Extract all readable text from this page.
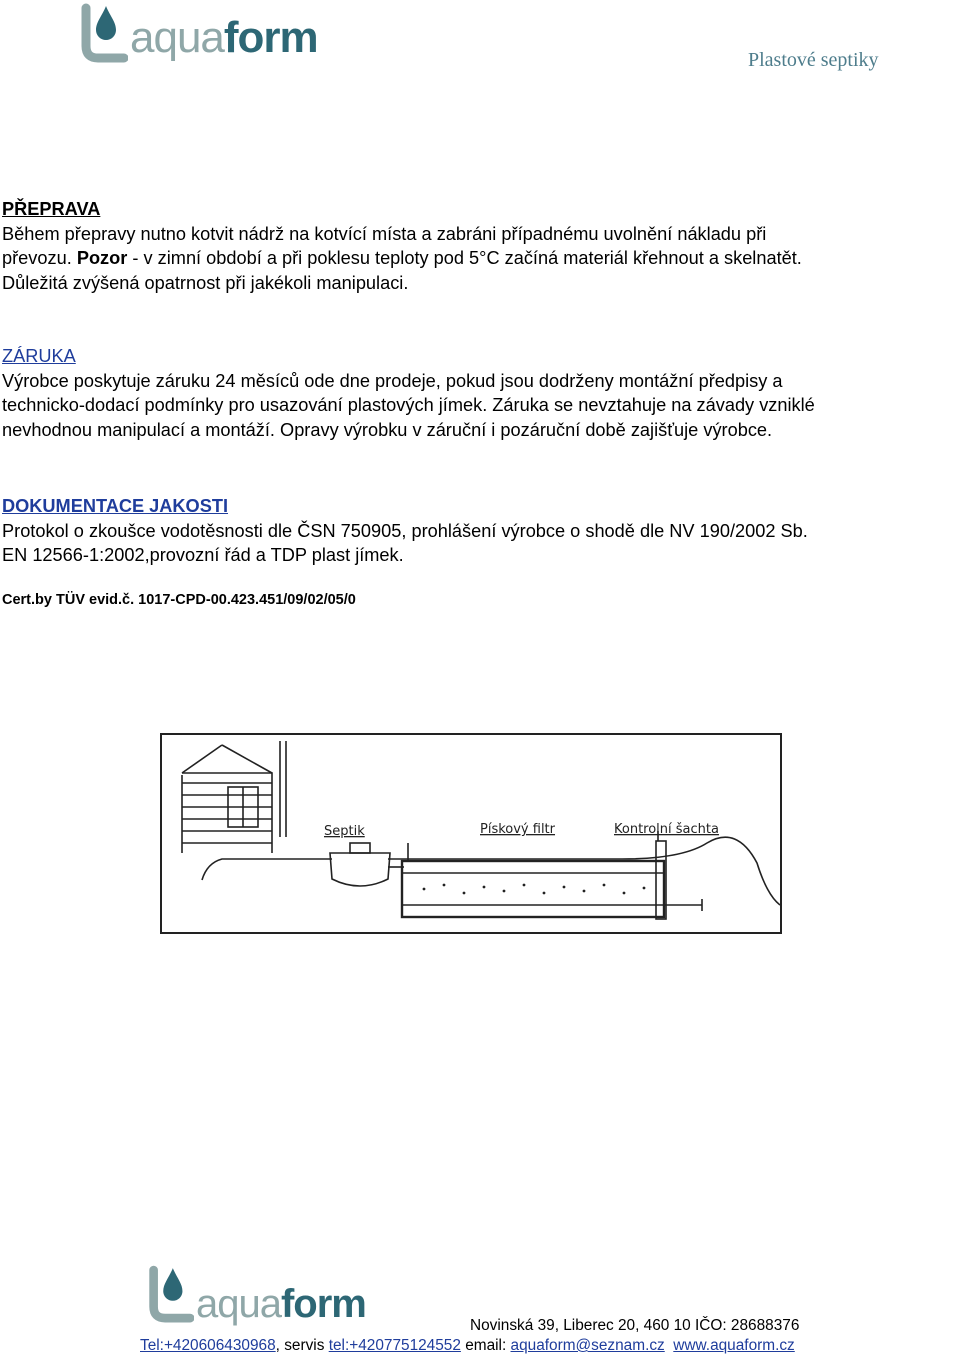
aquaform	Plastové septiky
PŘEPRAVA
Během přepravy nutno kotvit nádrž na kotvící místa a zabráni případnému uvolnění nákladu při
převozu. Pozor - v zimní období a při poklesu teploty pod 5°C začíná materiál křehnout a skelnatět.
Důležitá zvýšená opatrnost při jakékoli manipulaci.
ZÁRUKA
Výrobce poskytuje záruku 24 měsíců ode dne prodeje, pokud jsou dodrženy montážní předpisy a
technicko-dodací podmínky pro usazování plastových jímek. Záruka se nevztahuje na závady vzniklé
nevhodnou manipulací a montáží. Opravy výrobku v záruční i pozáruční době zajišťuje výrobce.
DOKUMENTACE JAKOSTI
Protokol o zkoušce vodotěsnosti dle ČSN 750905, prohlášení výrobce o shodě dle NV 190/2002 Sb.
EN 12566-1:2002,provozní řád a TDP plast jímek.
Cert.by TÜV evid.č. 1017-CPD-00.423.451/09/02/05/0
Septik	Pískový filtr	Kontrolní šachta
aquaform	Novinská 39, Liberec 20, 460 10 IČO: 28688376
Tel:+420606430968, servis tel:+420775124552 email: aquaform@seznam.cz www.aquaform.cz
